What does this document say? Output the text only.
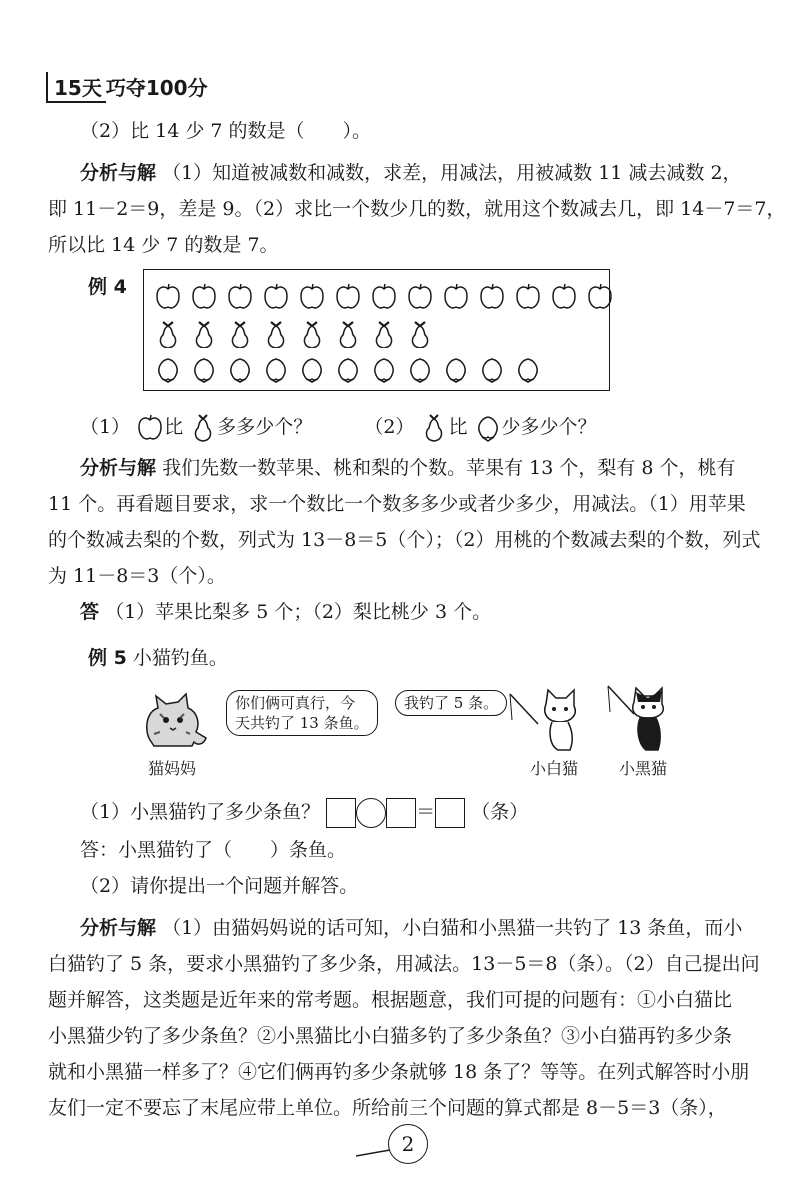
15天 巧夺100分
（2）比 14 少 7 的数是（　　）。
分析与解 （1）知道被减数和减数，求差，用减法，用被减数 11 减去减数 2，
即 11－2＝9，差是 9。（2）求比一个数少几的数，就用这个数减去几，即 14－7＝7，
所以比 14 少 7 的数是 7。
例 4
（1） 比 多多少个？	（2） 比 少多少个？
分析与解 我们先数一数苹果、桃和梨的个数。苹果有 13 个，梨有 8 个，桃有
11 个。再看题目要求，求一个数比一个数多多少或者少多少，用减法。（1）用苹果
的个数减去梨的个数，列式为 13－8＝5（个）；（2）用桃的个数减去梨的个数，列式
为 11－8＝3（个）。
答 （1）苹果比梨多 5 个；（2）梨比桃少 3 个。
例 5 小猫钓鱼。
你们俩可真行，今
天共钓了 13 条鱼。
猫妈妈
我钓了 5 条。
小白猫	小黑猫
（1）小黑猫钓了多少条鱼？	＝ （条）
答：小黑猫钓了（　　）条鱼。
（2）请你提出一个问题并解答。
分析与解 （1）由猫妈妈说的话可知，小白猫和小黑猫一共钓了 13 条鱼，而小
白猫钓了 5 条，要求小黑猫钓了多少条，用减法。13－5＝8（条）。（2）自己提出问
题并解答，这类题是近年来的常考题。根据题意，我们可提的问题有：①小白猫比
小黑猫少钓了多少条鱼？②小黑猫比小白猫多钓了多少条鱼？③小白猫再钓多少条
就和小黑猫一样多了？④它们俩再钓多少条就够 18 条了？等等。在列式解答时小朋
友们一定不要忘了末尾应带上单位。所给前三个问题的算式都是 8－5＝3（条），
2
